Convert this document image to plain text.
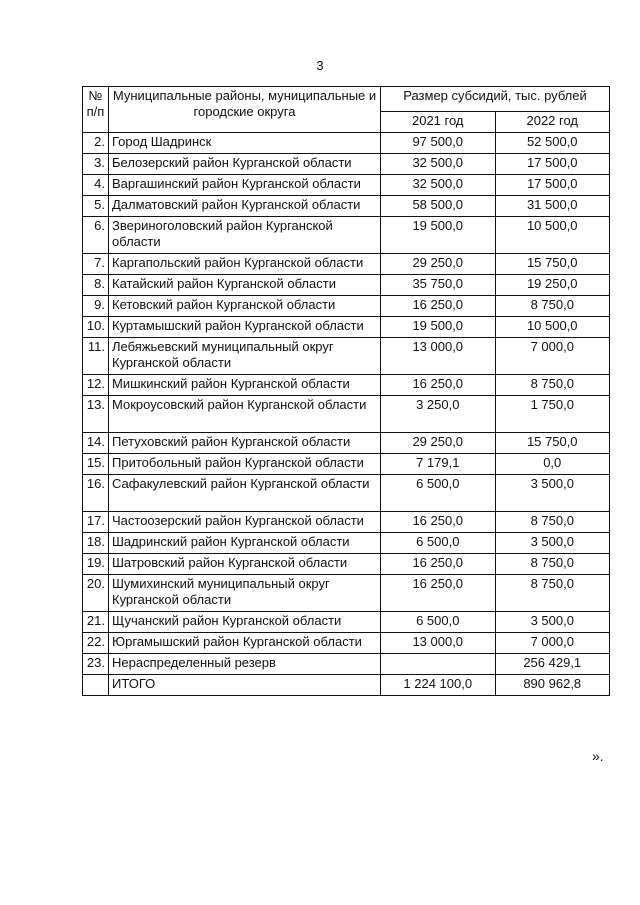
3
№ п/п	Муниципальные районы, муниципальные и городские округа	Размер субсидий, тыс. рублей	
		2021 год	2022 год
2.	Город Шадринск	97 500,0	52 500,0
3.	Белозерский район Курганской области	32 500,0	17 500,0
4.	Варгашинский район Курганской области	32 500,0	17 500,0
5.	Далматовский район Курганской области	58 500,0	31 500,0
6.	Звериноголовский район Курганской области	19 500,0	10 500,0
7.	Каргапольский район Курганской области	29 250,0	15 750,0
8.	Катайский район Курганской области	35 750,0	19 250,0
9.	Кетовский район Курганской области	16 250,0	8 750,0
10.	Куртамышский район Курганской области	19 500,0	10 500,0
11.	Лебяжьевский муниципальный округ Курганской области	13 000,0	7 000,0
12.	Мишкинский район Курганской области	16 250,0	8 750,0
13.	Мокроусовский район Курганской области	3 250,0	1 750,0
14.	Петуховский район Курганской области	29 250,0	15 750,0
15.	Притобольный район Курганской области	7 179,1	0,0
16.	Сафакулевский район Курганской области	6 500,0	3 500,0
17.	Частоозерский район Курганской области	16 250,0	8 750,0
18.	Шадринский район Курганской области	6 500,0	3 500,0
19.	Шатровский район Курганской области	16 250,0	8 750,0
20.	Шумихинский муниципальный округ Курганской области	16 250,0	8 750,0
21.	Щучанский район Курганской области	6 500,0	3 500,0
22.	Юргамышский район Курганской области	13 000,0	7 000,0
23.	Нераспределенный резерв		256 429,1
	ИТОГО	1 224 100,0	890 962,8
».
